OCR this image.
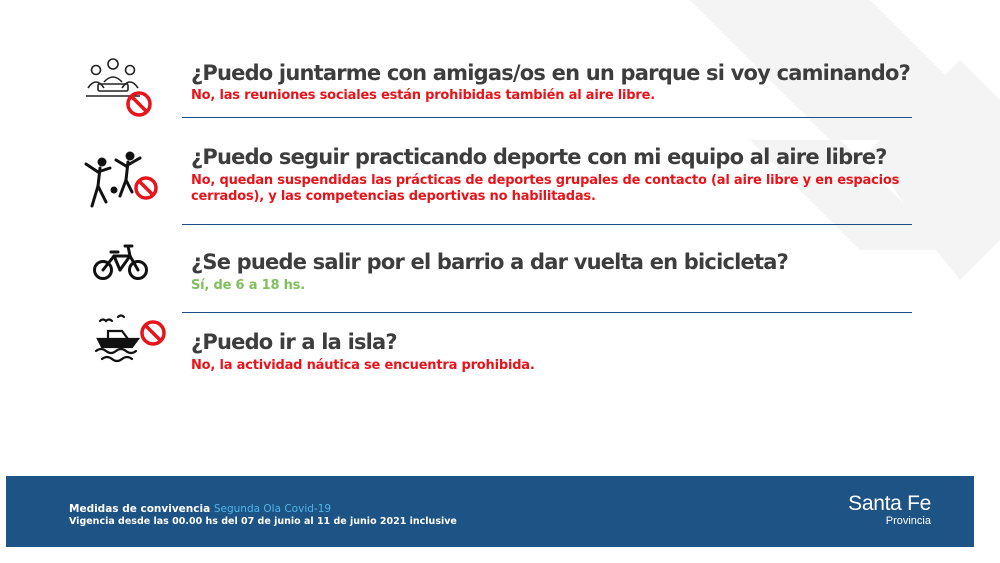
¿Puedo juntarme con amigas/os en un parque si voy caminando?

No, las reuniones sociales están prohibidas también al aire libre.

¿Puedo seguir practicando deporte con mi equipo al aire libre?

No, quedan suspendidas las prácticas de deportes grupales de contacto (al aire libre y en espacios cerrados), y las competencias deportivas no habilitadas.

¿Se puede salir por el barrio a dar vuelta en bicicleta?

Sí, de 6 a 18 hs.

¿Puedo ir a la isla?

No, la actividad náutica se encuentra prohibida.

Medidas de convivencia Segunda Ola Covid-19
Vigencia desde las 00.00 hs del 07 de junio al 11 de junio 2021 inclusive
Santa Fe
Provincia
